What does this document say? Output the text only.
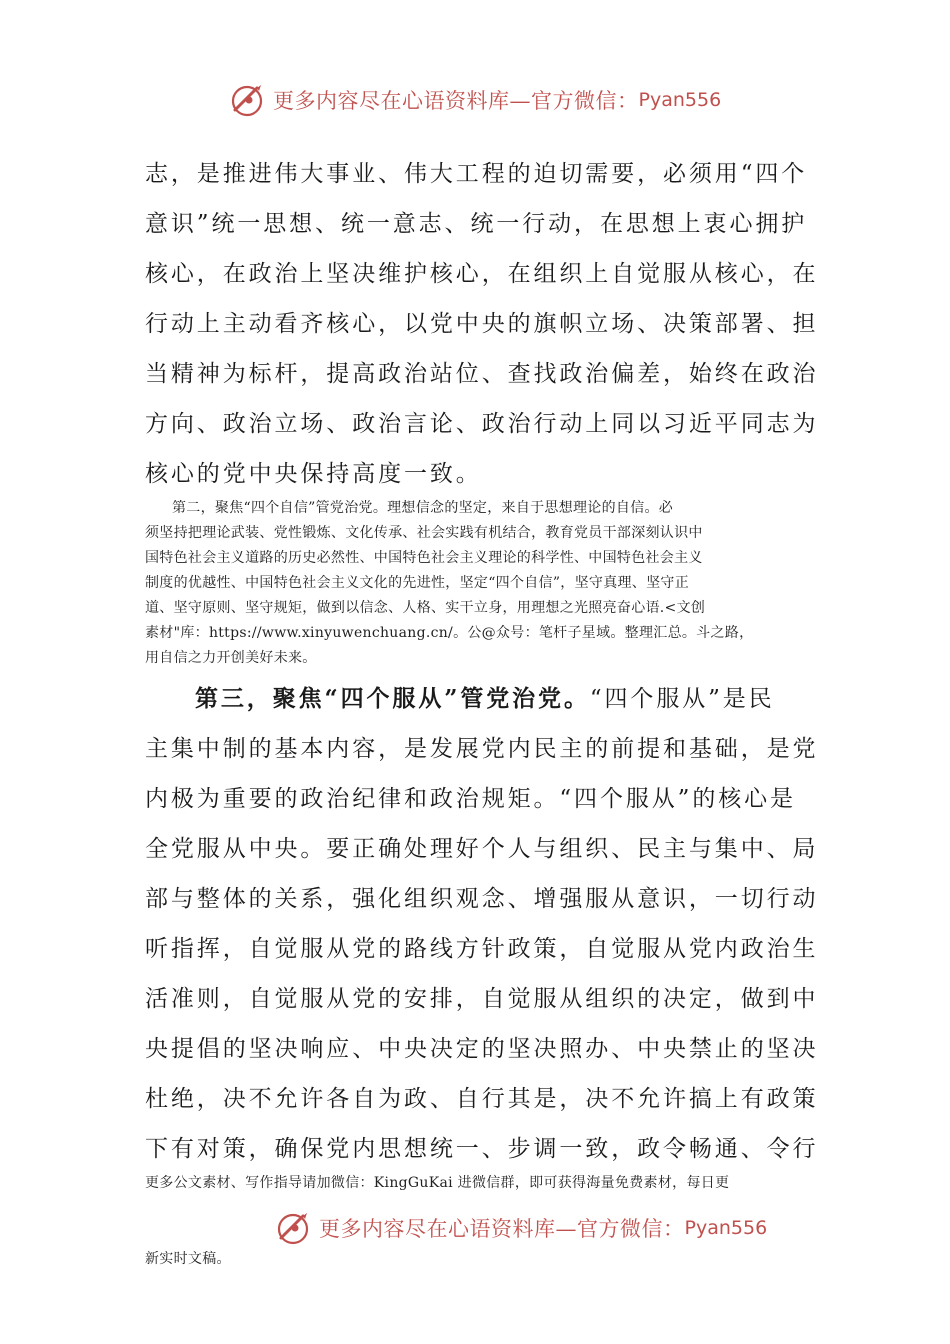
更多内容尽在心语资料库—官方微信： Pyan556
志，是推进伟大事业、伟大工程的迫切需要，必须用“四个
意识”统一思想、统一意志、统一行动，在思想上衷心拥护
核心，在政治上坚决维护核心，在组织上自觉服从核心，在
行动上主动看齐核心，以党中央的旗帜立场、决策部署、担
当精神为标杆，提高政治站位、查找政治偏差，始终在政治
方向、政治立场、政治言论、政治行动上同以习近平同志为
核心的党中央保持高度一致。
第二，聚焦“四个自信”管党治党。理想信念的坚定，来自于思想理论的自信。必
须坚持把理论武装、党性锻炼、文化传承、社会实践有机结合，教育党员干部深刻认识中
国特色社会主义道路的历史必然性、中国特色社会主义理论的科学性、中国特色社会主义
制度的优越性、中国特色社会主义文化的先进性，坚定“四个自信”，坚守真理、坚守正
道、坚守原则、坚守规矩，做到以信念、人格、实干立身，用理想之光照亮奋心语.<文创
素材"库：https://www.xinyuwenchuang.cn/。公@众号：笔杆子星域。整理汇总。斗之路，
用自信之力开创美好未来。
第三，聚焦“四个服从”管党治党。“四个服从”是民
主集中制的基本内容，是发展党内民主的前提和基础，是党
内极为重要的政治纪律和政治规矩。“四个服从”的核心是
全党服从中央。要正确处理好个人与组织、民主与集中、局
部与整体的关系，强化组织观念、增强服从意识，一切行动
听指挥，自觉服从党的路线方针政策，自觉服从党内政治生
活准则，自觉服从党的安排，自觉服从组织的决定，做到中
央提倡的坚决响应、中央决定的坚决照办、中央禁止的坚决
杜绝，决不允许各自为政、自行其是，决不允许搞上有政策
下有对策，确保党内思想统一、步调一致，政令畅通、令行
更多公文素材、写作指导请加微信：KingGuKai 进微信群，即可获得海量免费素材，每日更
更多内容尽在心语资料库—官方微信： Pyan556
新实时文稿。
